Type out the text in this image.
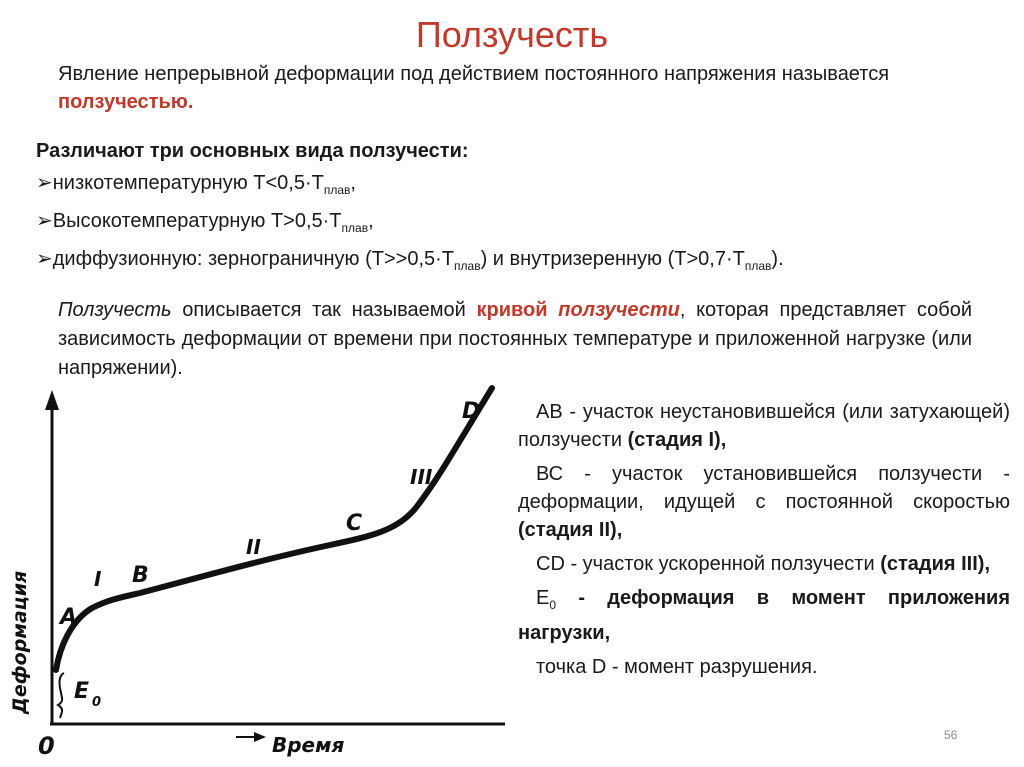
Ползучесть
Явление непрерывной деформации под действием постоянного напряжения называется ползучестью.
Различают три основных вида ползучести:
➢низкотемпературную $Т<0,5\cdot Т_{плав}$,
➢Высокотемпературную $Т>0,5\cdot Т_{плав}$,
➢диффузионную: зернограничную $(Т>>0,5\cdot Т_{плав})$ и внутризеренную $(Т>0,7\cdot Т_{плав})$.
Ползучесть описывается так называемой кривой ползучести, которая представляет собой зависимость деформации от времени при постоянных температуре и приложенной нагрузке (или напряжении).
Деформация
Время
0
E 0
A
B
C
D
I
II
III
АВ - участок неустановившейся (или затухающей) ползучести (стадия I),
ВС - участок установившейся ползучести - деформации, идущей с постоянной скоростью (стадия II),
CD - участок ускоренной ползучести (стадия III),
$Е_0$ - деформация в момент приложения нагрузки,
точка D - момент разрушения.
56
